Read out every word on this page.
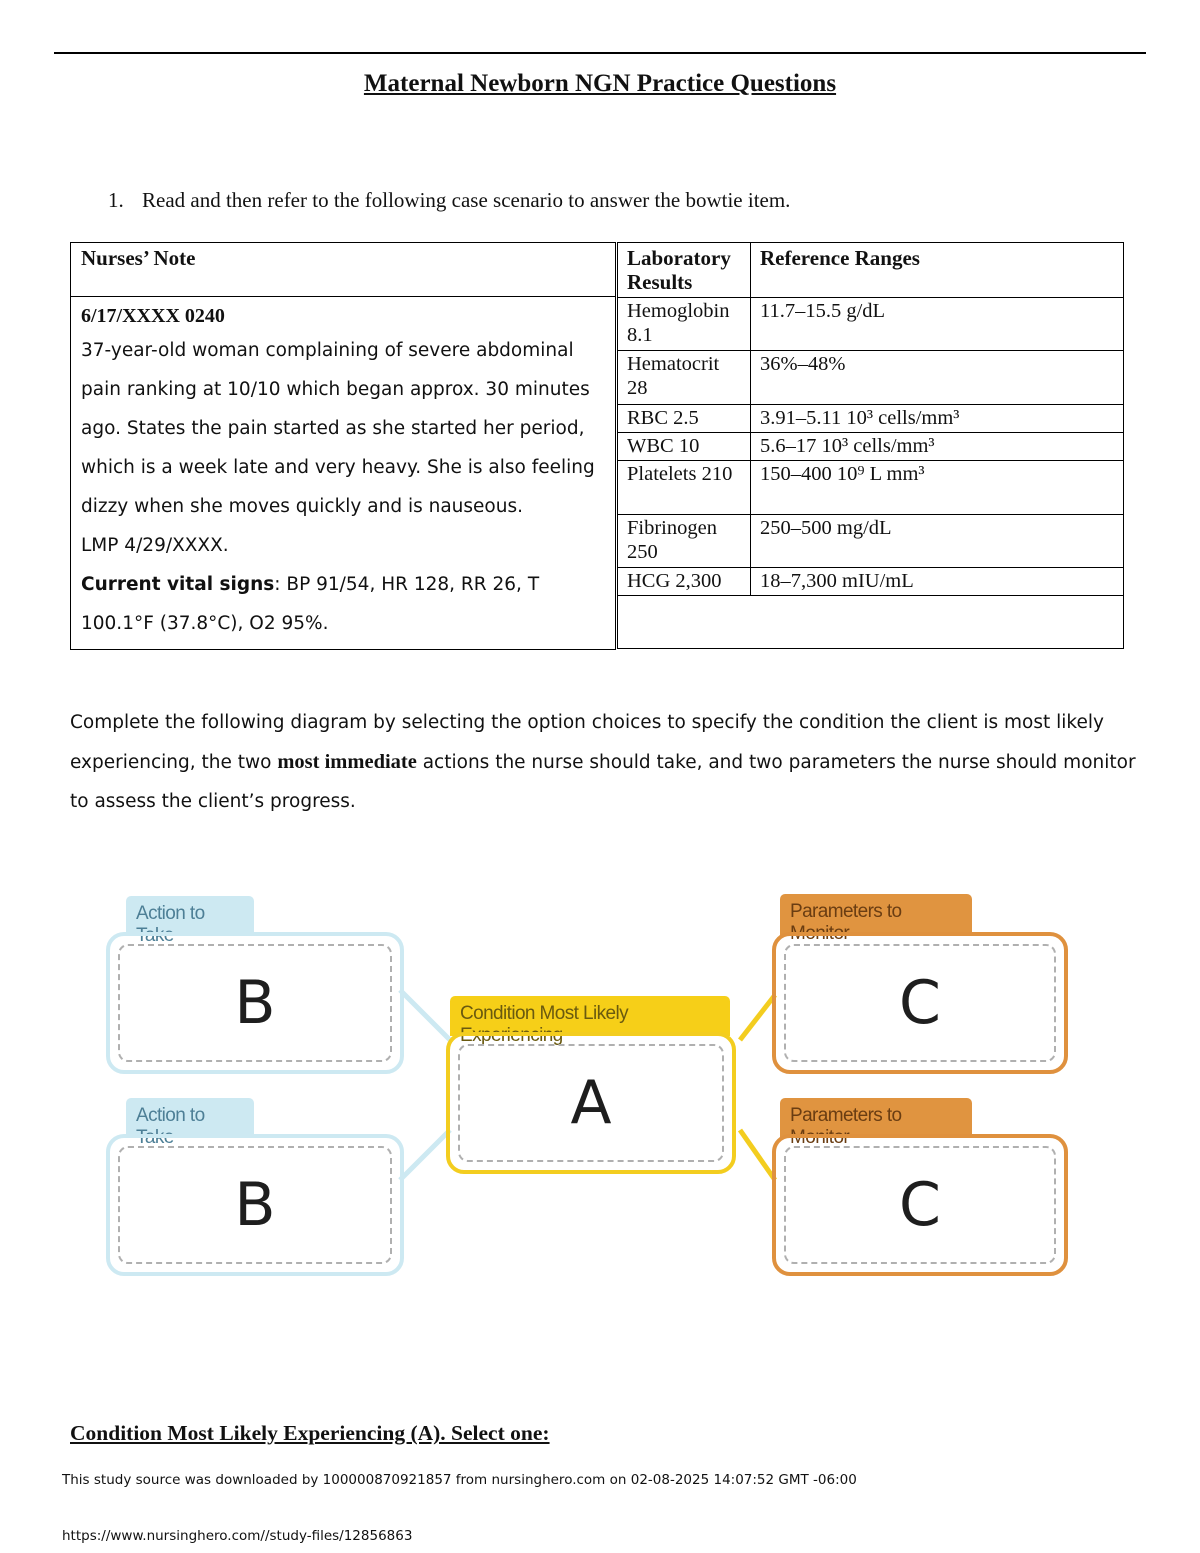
Maternal Newborn NGN Practice Questions
1. Read and then refer to the following case scenario to answer the bowtie item.
Nurses’ Note
6/17/XXXX 0240
37-year-old woman complaining of severe abdominal
pain ranking at 10/10 which began approx. 30 minutes
ago. States the pain started as she started her period,
which is a week late and very heavy. She is also feeling
dizzy when she moves quickly and is nauseous.
LMP 4/29/XXXX.
Current vital signs: BP 91/54, HR 128, RR 26, T
100.1°F (37.8°C), O2 95%.
Laboratory Results	Reference Ranges
Hemoglobin 8.1	11.7–15.5 g/dL
Hematocrit 28	36%–48%
RBC 2.5	3.91–5.11 10³ cells/mm³
WBC 10	5.6–17 10³ cells/mm³
Platelets 210	150–400 10⁹ L mm³
Fibrinogen 250	250–500 mg/dL
HCG 2,300	18–7,300 mIU/mL

Complete the following diagram by selecting the option choices to specify the condition the client is most likely experiencing, the two most immediate actions the nurse should take, and two parameters the nurse should monitor to assess the client’s progress.
Action to Take
B
Action to Take
B
Condition Most Likely Experiencing
A
Parameters to Monitor
C
Parameters to Monitor
C
Condition Most Likely Experiencing (A). Select one:
This study source was downloaded by 100000870921857 from nursinghero.com on 02-08-2025 14:07:52 GMT -06:00
https://www.nursinghero.com//study-files/12856863
